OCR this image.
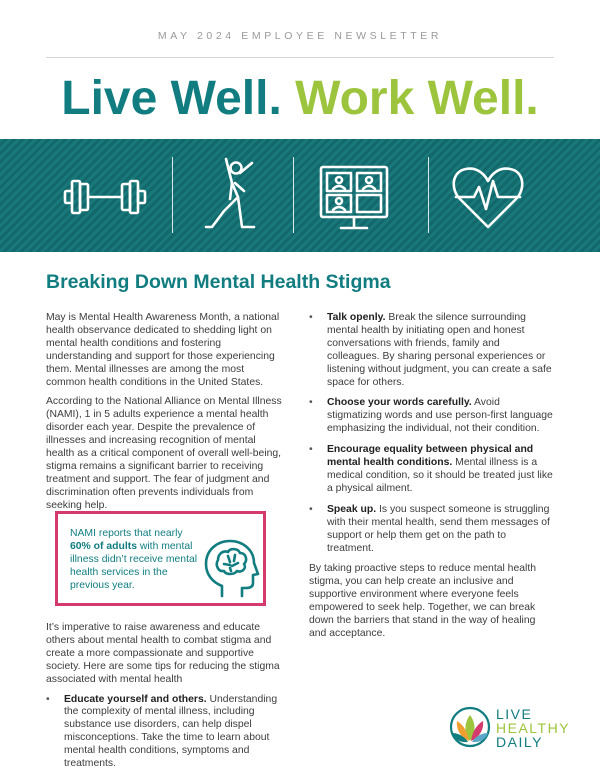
MAY 2024 EMPLOYEE NEWSLETTER
Live Well. Work Well.
Breaking Down Mental Health Stigma

May is Mental Health Awareness Month, a national health observance dedicated to shedding light on mental health conditions and fostering understanding and support for those experiencing them. Mental illnesses are among the most common health conditions in the United States.

According to the National Alliance on Mental Illness (NAMI), 1 in 5 adults experience a mental health disorder each year. Despite the prevalence of illnesses and increasing recognition of mental health as a critical component of overall well-being, stigma remains a significant barrier to receiving treatment and support. The fear of judgment and discrimination often prevents individuals from seeking help.

NAMI reports that nearly 60% of adults with mental illness didn’t receive mental health services in the previous year.

It’s imperative to raise awareness and educate others about mental health to combat stigma and create a more compassionate and supportive society. Here are some tips for reducing the stigma associated with mental health

• Educate yourself and others. Understanding the complexity of mental illness, including substance use disorders, can help dispel misconceptions. Take the time to learn about mental health conditions, symptoms and treatments.
• Talk openly. Break the silence surrounding mental health by initiating open and honest conversations with friends, family and colleagues. By sharing personal experiences or listening without judgment, you can create a safe space for others.
• Choose your words carefully. Avoid stigmatizing words and use person-first language emphasizing the individual, not their condition.
• Encourage equality between physical and mental health conditions. Mental illness is a medical condition, so it should be treated just like a physical ailment.
• Speak up. Is you suspect someone is struggling with their mental health, send them messages of support or help them get on the path to treatment.

By taking proactive steps to reduce mental health stigma, you can help create an inclusive and supportive environment where everyone feels empowered to seek help. Together, we can break down the barriers that stand in the way of healing and acceptance.

LIVE
HEALTHY
DAILY
